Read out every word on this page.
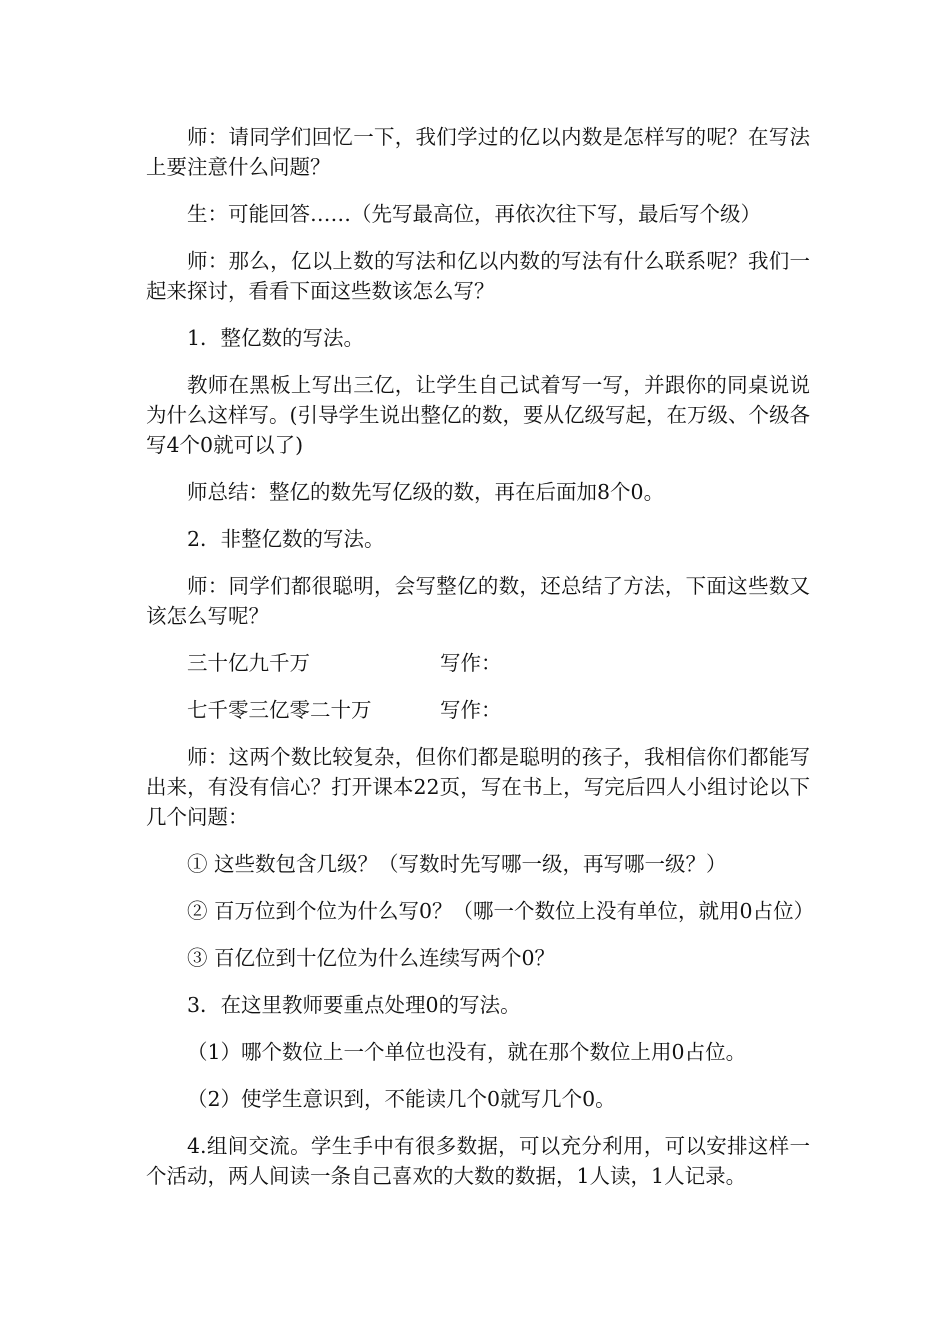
师：请同学们回忆一下，我们学过的亿以内数是怎样写的呢？在写法上要注意什么问题？

生：可能回答……（先写最高位，再依次往下写，最后写个级）

师：那么，亿以上数的写法和亿以内数的写法有什么联系呢？我们一起来探讨，看看下面这些数该怎么写？

1．整亿数的写法。

教师在黑板上写出三亿，让学生自己试着写一写，并跟你的同桌说说为什么这样写。(引导学生说出整亿的数，要从亿级写起，在万级、个级各写4个0就可以了)

师总结：整亿的数先写亿级的数，再在后面加8个0。

2．非整亿数的写法。

师：同学们都很聪明，会写整亿的数，还总结了方法，下面这些数又该怎么写呢？

三十亿九千万	写作：
七千零三亿零二十万	写作：

师：这两个数比较复杂，但你们都是聪明的孩子，我相信你们都能写出来，有没有信心？打开课本22页，写在书上，写完后四人小组讨论以下几个问题：

① 这些数包含几级？（写数时先写哪一级，再写哪一级？）

② 百万位到个位为什么写0？（哪一个数位上没有单位，就用0占位）

③ 百亿位到十亿位为什么连续写两个0？

3．在这里教师要重点处理0的写法。

（1）哪个数位上一个单位也没有，就在那个数位上用0占位。

（2）使学生意识到，不能读几个0就写几个0。

4.组间交流。学生手中有很多数据，可以充分利用，可以安排这样一个活动，两人间读一条自己喜欢的大数的数据，1人读，1人记录。
